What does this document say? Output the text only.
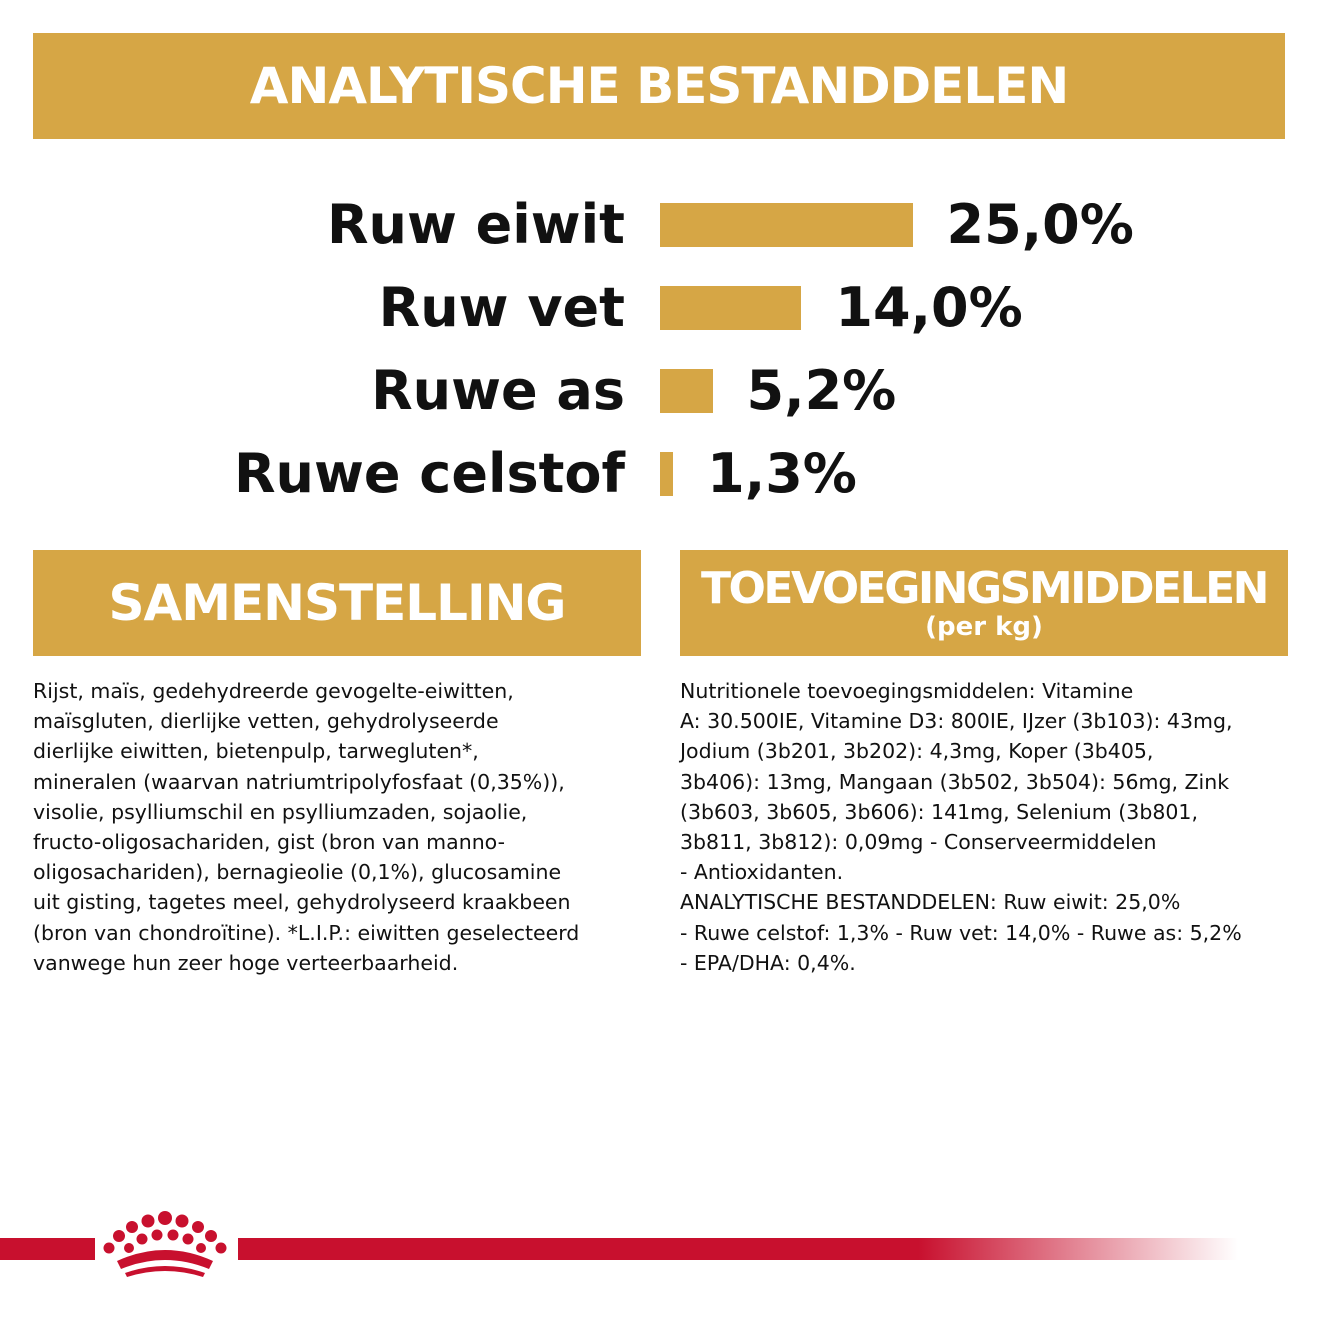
ANALYTISCHE BESTANDDELEN
Ruw eiwit	25,0%
Ruw vet	14,0%
Ruwe as 5,2%
Ruwe celstof 1,3%
SAMENSTELLING
Rijst, maïs, gedehydreerde gevogelte-eiwitten,
maïsgluten, dierlijke vetten, gehydrolyseerde
dierlijke eiwitten, bietenpulp, tarwegluten*,
mineralen (waarvan natriumtripolyfosfaat (0,35%)),
visolie, psylliumschil en psylliumzaden, sojaolie,
fructo-oligosachariden, gist (bron van manno-
oligosachariden), bernagieolie (0,1%), glucosamine
uit gisting, tagetes meel, gehydrolyseerd kraakbeen
(bron van chondroïtine). *L.I.P.: eiwitten geselecteerd
vanwege hun zeer hoge verteerbaarheid.
TOEVOEGINGSMIDDELEN
(per kg)
Nutritionele toevoegingsmiddelen: Vitamine
A: 30.500IE, Vitamine D3: 800IE, IJzer (3b103): 43mg,
Jodium (3b201, 3b202): 4,3mg, Koper (3b405,
3b406): 13mg, Mangaan (3b502, 3b504): 56mg, Zink
(3b603, 3b605, 3b606): 141mg, Selenium (3b801,
3b811, 3b812): 0,09mg - Conserveermiddelen
- Antioxidanten.
ANALYTISCHE BESTANDDELEN: Ruw eiwit: 25,0%
- Ruwe celstof: 1,3% - Ruw vet: 14,0% - Ruwe as: 5,2%
- EPA/DHA: 0,4%.
